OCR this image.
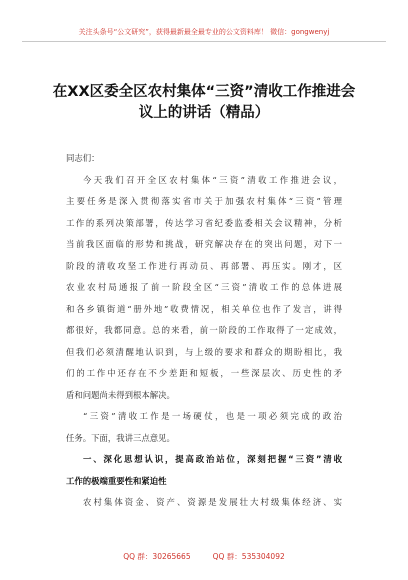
关注头条号“公文研究”，获得最新最全最专业的公文资料库！ 微信：gongwenyj
在XX区委全区农村集体“三资”清收工作推进会
议上的讲话（精品）
同志们：
今天我们召开全区农村集体“三资”清收工作推进会议，
主要任务是深入贯彻落实省市关于加强农村集体“三资”管理
工作的系列决策部署，传达学习省纪委监委相关会议精神，分析
当前我区面临的形势和挑战，研究解决存在的突出问题，对下一
阶段的清收攻坚工作进行再动员、再部署、再压实。刚才，区
农业农村局通报了前一阶段全区“三资”清收工作的总体进展
和各乡镇街道“册外地”收费情况，相关单位也作了发言，讲得
都很好，我都同意。总的来看，前一阶段的工作取得了一定成效，
但我们必须清醒地认识到，与上级的要求和群众的期盼相比，我
们的工作中还存在不少差距和短板，一些深层次、历史性的矛
盾和问题尚未得到根本解决。
“三资”清收工作是一场硬仗，也是一项必须完成的政治
任务。下面，我讲三点意见。
一、深化思想认识，提高政治站位，深刻把握“三资”清收
工作的极端重要性和紧迫性
农村集体资金、资产、资源是发展壮大村级集体经济、实
QQ 群：30265665	QQ 群：535304092
